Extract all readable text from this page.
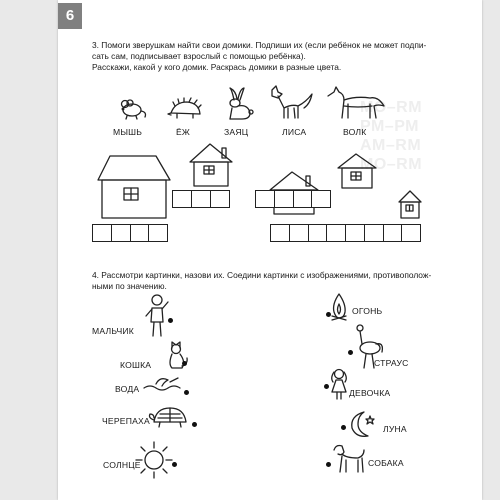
6
MO–RM
РМ–РМ
AM–RM
MO–RM
3. Помоги зверушкам найти свои домики. Подпиши их (если ребёнок не может подпи-
сать сам, подписывает взрослый с помощью ребёнка).
Расскажи, какой у кого домик. Раскрась домики в разные цвета.
МЫШЬ	ЁЖ	ЗАЯЦ	ЛИСА	ВОЛК
4. Рассмотри картинки, назови их. Соедини картинки с изображениями, противополож-
ными по значению.
МАЛЬЧИК
КОШКА
ВОДА
ЧЕРЕПАХА
СОЛНЦЕ
ОГОНЬ
СТРАУС
ДЕВОЧКА
ЛУНА
СОБАКА
